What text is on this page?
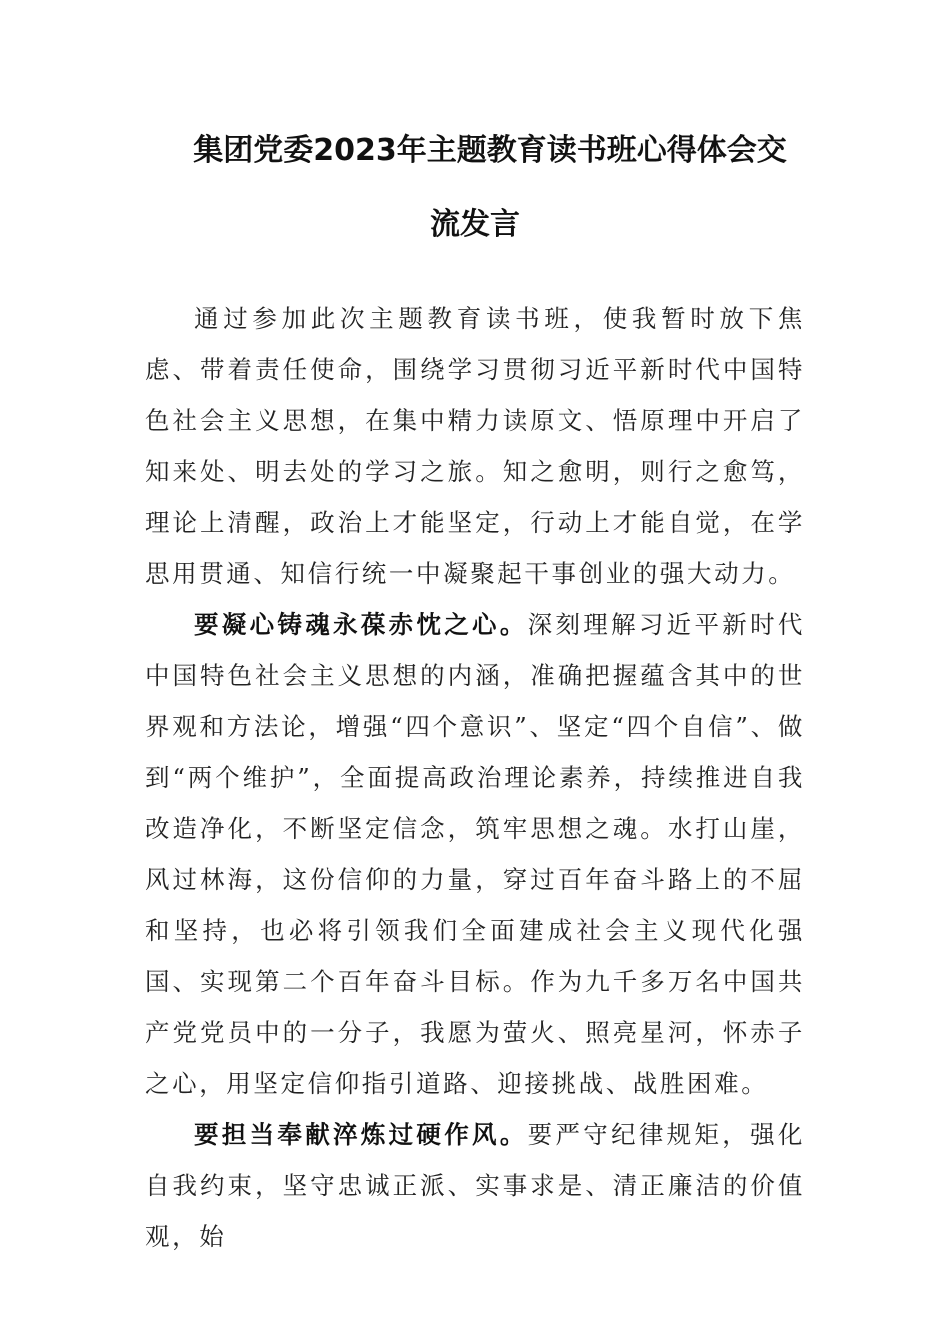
集团党委2023年主题教育读书班心得体会交
流发言

通过参加此次主题教育读书班，使我暂时放下焦虑、带着责任使命，围绕学习贯彻习近平新时代中国特色社会主义思想，在集中精力读原文、悟原理中开启了知来处、明去处的学习之旅。知之愈明，则行之愈笃，理论上清醒，政治上才能坚定，行动上才能自觉，在学思用贯通、知信行统一中凝聚起干事创业的强大动力。

要凝心铸魂永葆赤忱之心。深刻理解习近平新时代中国特色社会主义思想的内涵，准确把握蕴含其中的世界观和方法论，增强“四个意识”、坚定“四个自信”、做到“两个维护”，全面提高政治理论素养，持续推进自我改造净化，不断坚定信念，筑牢思想之魂。水打山崖，风过林海，这份信仰的力量，穿过百年奋斗路上的不屈和坚持，也必将引领我们全面建成社会主义现代化强国、实现第二个百年奋斗目标。作为九千多万名中国共产党党员中的一分子，我愿为萤火、照亮星河，怀赤子之心，用坚定信仰指引道路、迎接挑战、战胜困难。

要担当奉献淬炼过硬作风。要严守纪律规矩，强化自我约束，坚守忠诚正派、实事求是、清正廉洁的价值观，始
